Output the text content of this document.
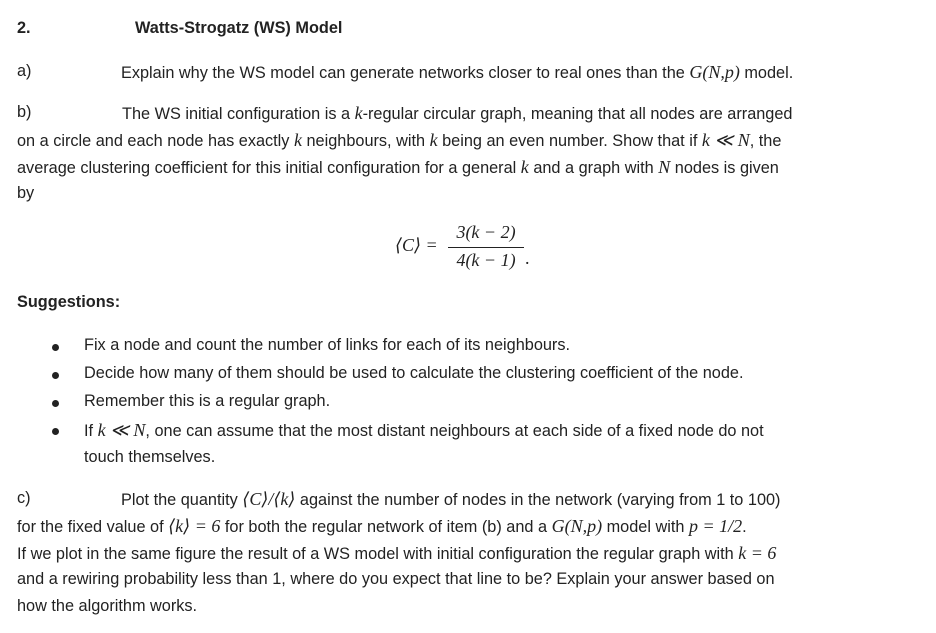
2.	Watts-Strogatz (WS) Model
a)	Explain why the WS model can generate networks closer to real ones than the G(N,p) model.
b)	The WS initial configuration is a k-regular circular graph, meaning that all nodes are arranged
on a circle and each node has exactly k neighbours, with k being an even number. Show that if k ≪ N, the
average clustering coefficient for this initial configuration for a general k and a graph with N nodes is given
by
⟨C⟩ =
3(k − 2)
4(k − 1) .
Suggestions:
Fix a node and count the number of links for each of its neighbours.
Decide how many of them should be used to calculate the clustering coefficient of the node.
Remember this is a regular graph.
If k ≪ N, one can assume that the most distant neighbours at each side of a fixed node do not
touch themselves.
c)	Plot the quantity ⟨C⟩/⟨k⟩ against the number of nodes in the network (varying from 1 to 100)
for the fixed value of ⟨k⟩ = 6 for both the regular network of item (b) and a G(N,p) model with p = 1/2.
If we plot in the same figure the result of a WS model with initial configuration the regular graph with k = 6
and a rewiring probability less than 1, where do you expect that line to be? Explain your answer based on
how the algorithm works.
